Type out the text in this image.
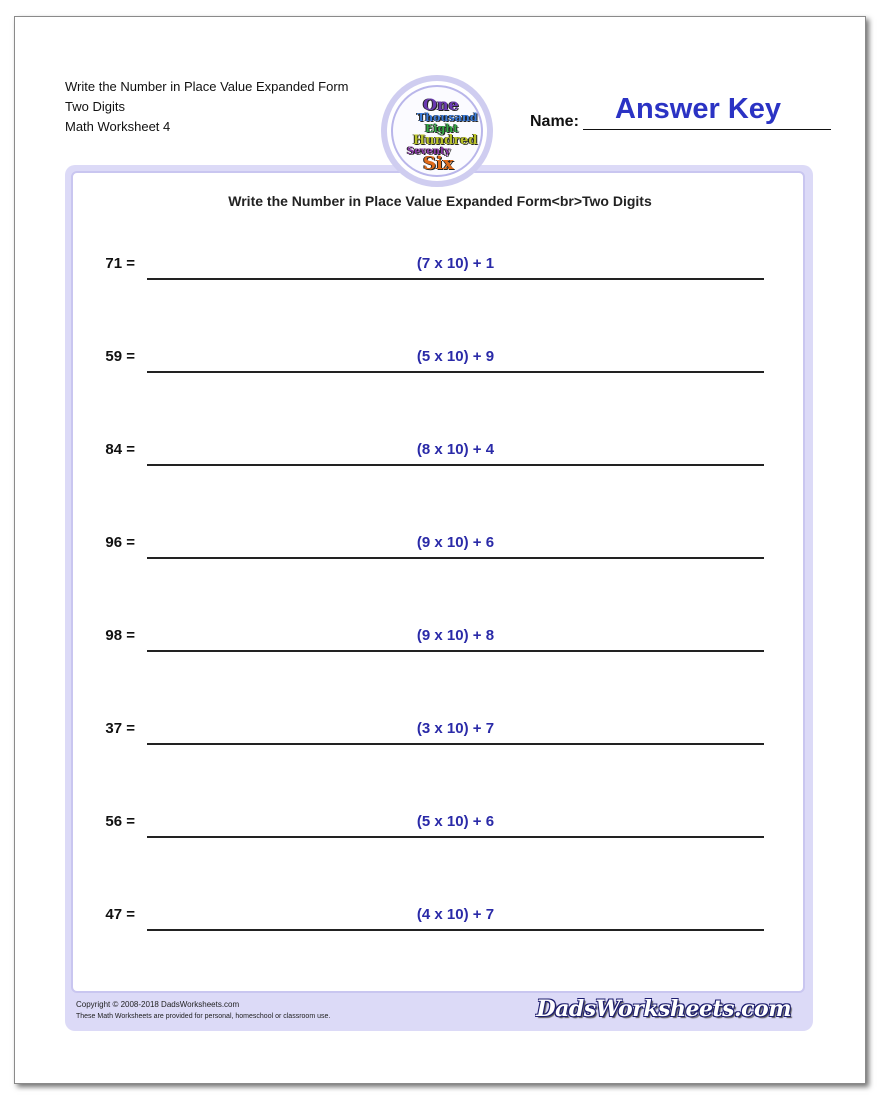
Write the Number in Place Value Expanded Form
Two Digits
Math Worksheet 4
One
Thousand
Eight
Hundred
Seventy
Six
Name: Answer Key
Write the Number in Place Value Expanded Form<br>Two Digits
71 =	(7 x 10) + 1
59 =	(5 x 10) + 9
84 =	(8 x 10) + 4
96 =	(9 x 10) + 6
98 =	(9 x 10) + 8
37 =	(3 x 10) + 7
56 =	(5 x 10) + 6
47 =	(4 x 10) + 7
Copyright © 2008-2018 DadsWorksheets.com
These Math Worksheets are provided for personal, homeschool or classroom use.	DadsWorksheets.com
